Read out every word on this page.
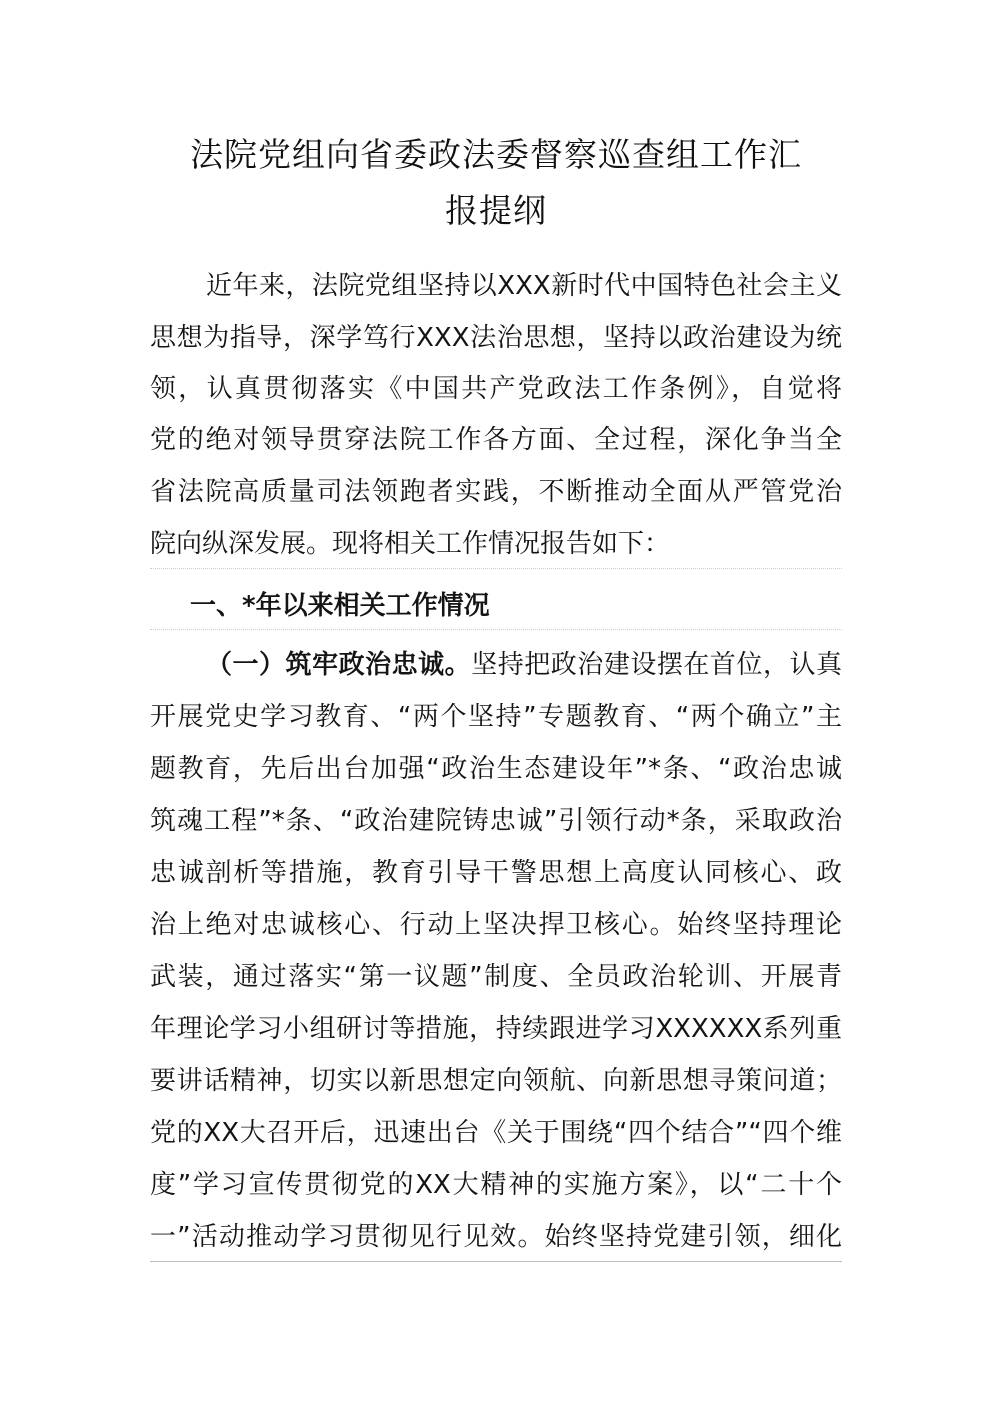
法院党组向省委政法委督察巡查组工作汇
报提纲
近年来，法院党组坚持以XXX新时代中国特色社会主义
思想为指导，深学笃行XXX法治思想，坚持以政治建设为统
领，认真贯彻落实《中国共产党政法工作条例》，自觉将
党的绝对领导贯穿法院工作各方面、全过程，深化争当全
省法院高质量司法领跑者实践，不断推动全面从严管党治
院向纵深发展。现将相关工作情况报告如下：
一、*年以来相关工作情况
（一）筑牢政治忠诚。坚持把政治建设摆在首位，认真
开展党史学习教育、“两个坚持”专题教育、“两个确立”主
题教育，先后出台加强“政治生态建设年”*条、“政治忠诚
筑魂工程”*条、“政治建院铸忠诚”引领行动*条，采取政治
忠诚剖析等措施，教育引导干警思想上高度认同核心、政
治上绝对忠诚核心、行动上坚决捍卫核心。始终坚持理论
武装，通过落实“第一议题”制度、全员政治轮训、开展青
年理论学习小组研讨等措施，持续跟进学习XXXXXX系列重
要讲话精神，切实以新思想定向领航、向新思想寻策问道；
党的XX大召开后，迅速出台《关于围绕“四个结合”“四个维
度”学习宣传贯彻党的XX大精神的实施方案》，以“二十个
一”活动推动学习贯彻见行见效。始终坚持党建引领，细化
